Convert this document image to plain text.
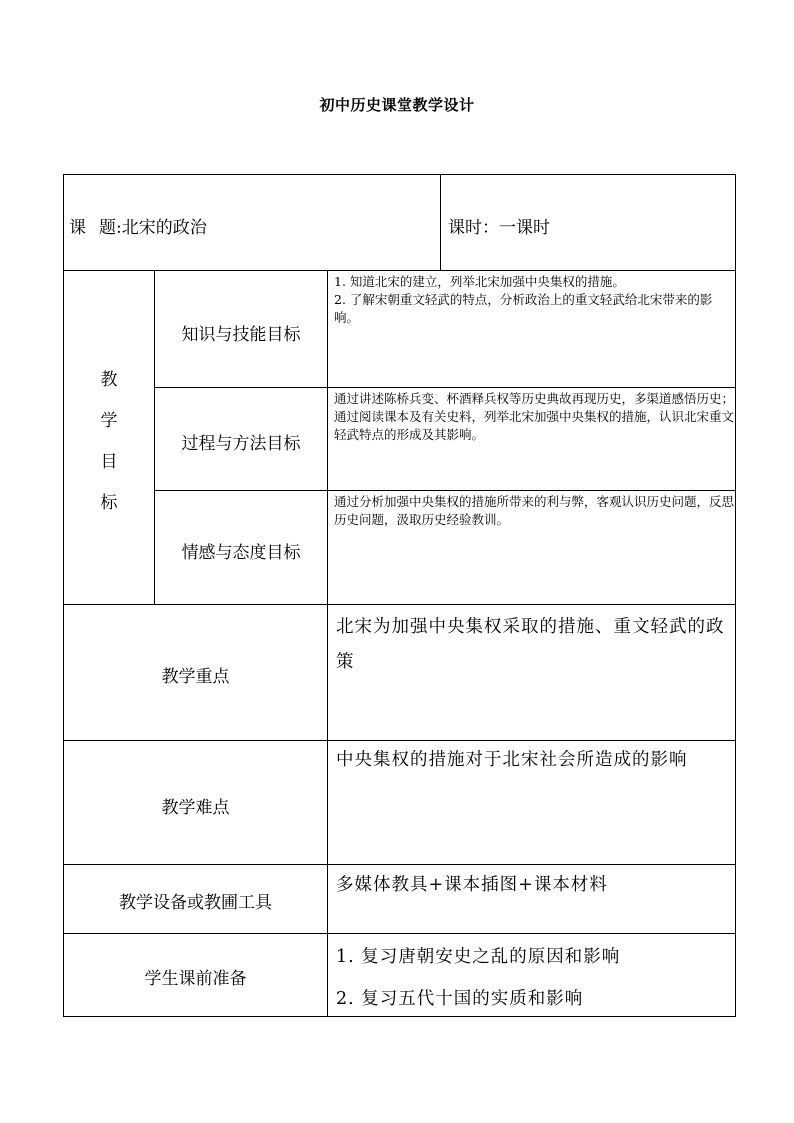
初中历史课堂教学设计
课题:北宋的政治	课时：一课时
教
学
目
标
知识与技能目标
1. 知道北宋的建立，列举北宋加强中央集权的措施。
2. 了解宋朝重文轻武的特点，分析政治上的重文轻武给北宋带来的影响。
过程与方法目标
通过讲述陈桥兵变、杯酒释兵权等历史典故再现历史，多渠道感悟历史；通过阅读课本及有关史料，列举北宋加强中央集权的措施，认识北宋重文轻武特点的形成及其影响。
情感与态度目标
通过分析加强中央集权的措施所带来的利与弊，客观认识历史问题，反思历史问题，汲取历史经验教训。
教学重点
北宋为加强中央集权采取的措施、重文轻武的政策
教学难点
中央集权的措施对于北宋社会所造成的影响
教学设备或教圃工具
多媒体教具+课本插图+课本材料
学生课前准备
1. 复习唐朝安史之乱的原因和影响
2. 复习五代十国的实质和影响
